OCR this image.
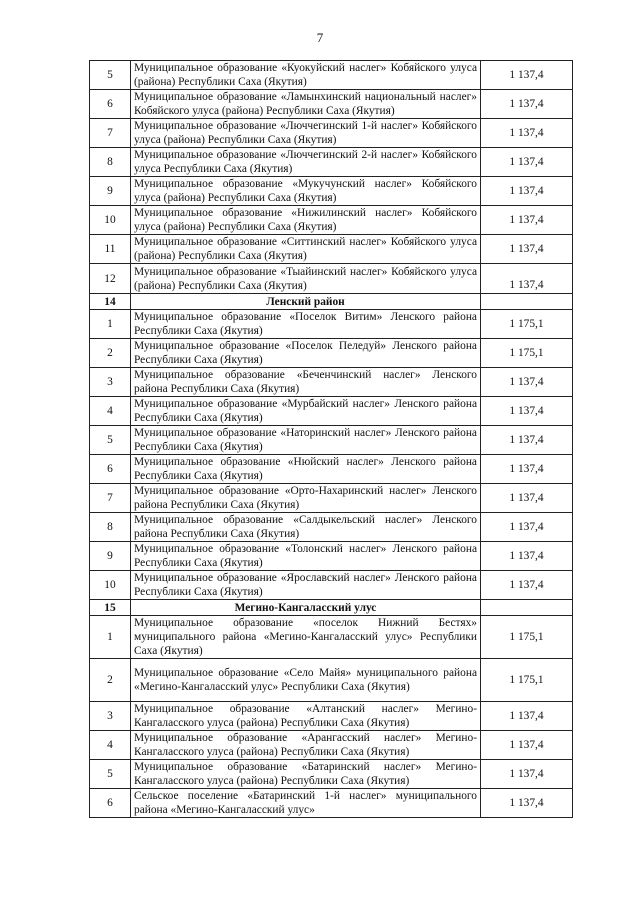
7
5	Муниципальное образование «Куокуйский наслег» Кобяйского улуса (района) Республики Саха (Якутия)	1 137,4
6	Муниципальное образование «Ламынхинский национальный наслег» Кобяйского улуса (района) Республики Саха (Якутия)	1 137,4
7	Муниципальное образование «Люччегинский 1-й наслег» Кобяйского улуса (района) Республики Саха (Якутия)	1 137,4
8	Муниципальное образование «Люччегинский 2-й наслег» Кобяйского улуса Республики Саха (Якутия)	1 137,4
9	Муниципальное образование «Мукучунский наслег» Кобяйского улуса (района) Республики Саха (Якутия)	1 137,4
10	Муниципальное образование «Нижилинский наслег» Кобяйского улуса (района) Республики Саха (Якутия)	1 137,4
11	Муниципальное образование «Ситтинский наслег» Кобяйского улуса (района) Республики Саха (Якутия)	1 137,4
12	Муниципальное образование «Тыайинский наслег» Кобяйского улуса (района) Республики Саха (Якутия)	1 137,4
14	Ленский район	
1	Муниципальное образование «Поселок Витим» Ленского района Республики Саха (Якутия)	1 175,1
2	Муниципальное образование «Поселок Пеледуй» Ленского района Республики Саха (Якутия)	1 175,1
3	Муниципальное образование «Беченчинский наслег» Ленского района Республики Саха (Якутия)	1 137,4
4	Муниципальное образование «Мурбайский наслег» Ленского района Республики Саха (Якутия)	1 137,4
5	Муниципальное образование «Наторинский наслег» Ленского района Республики Саха (Якутия)	1 137,4
6	Муниципальное образование «Нюйский наслег» Ленского района Республики Саха (Якутия)	1 137,4
7	Муниципальное образование «Орто-Нахаринский наслег» Ленского района Республики Саха (Якутия)	1 137,4
8	Муниципальное образование «Салдыкельский наслег» Ленского района Республики Саха (Якутия)	1 137,4
9	Муниципальное образование «Толонский наслег» Ленского района Республики Саха (Якутия)	1 137,4
10	Муниципальное образование «Ярославский наслег» Ленского района Республики Саха (Якутия)	1 137,4
15	Мегино-Кангаласский улус	
1	Муниципальное образование «поселок Нижний Бестях» муниципального района «Мегино-Кангаласский улус» Республики Саха (Якутия)	1 175,1
2	Муниципальное образование «Село Майя» муниципального района «Мегино-Кангаласский улус» Республики Саха (Якутия)	1 175,1
3	Муниципальное образование «Алтанский наслег» Мегино-Кангаласского улуса (района) Республики Саха (Якутия)	1 137,4
4	Муниципальное образование «Арангасский наслег» Мегино-Кангаласского улуса (района) Республики Саха (Якутия)	1 137,4
5	Муниципальное образование «Батаринский наслег» Мегино-Кангаласского улуса (района) Республики Саха (Якутия)	1 137,4
6	Сельское поселение «Батаринский 1-й наслег» муниципального района «Мегино-Кангаласский улус»	1 137,4
